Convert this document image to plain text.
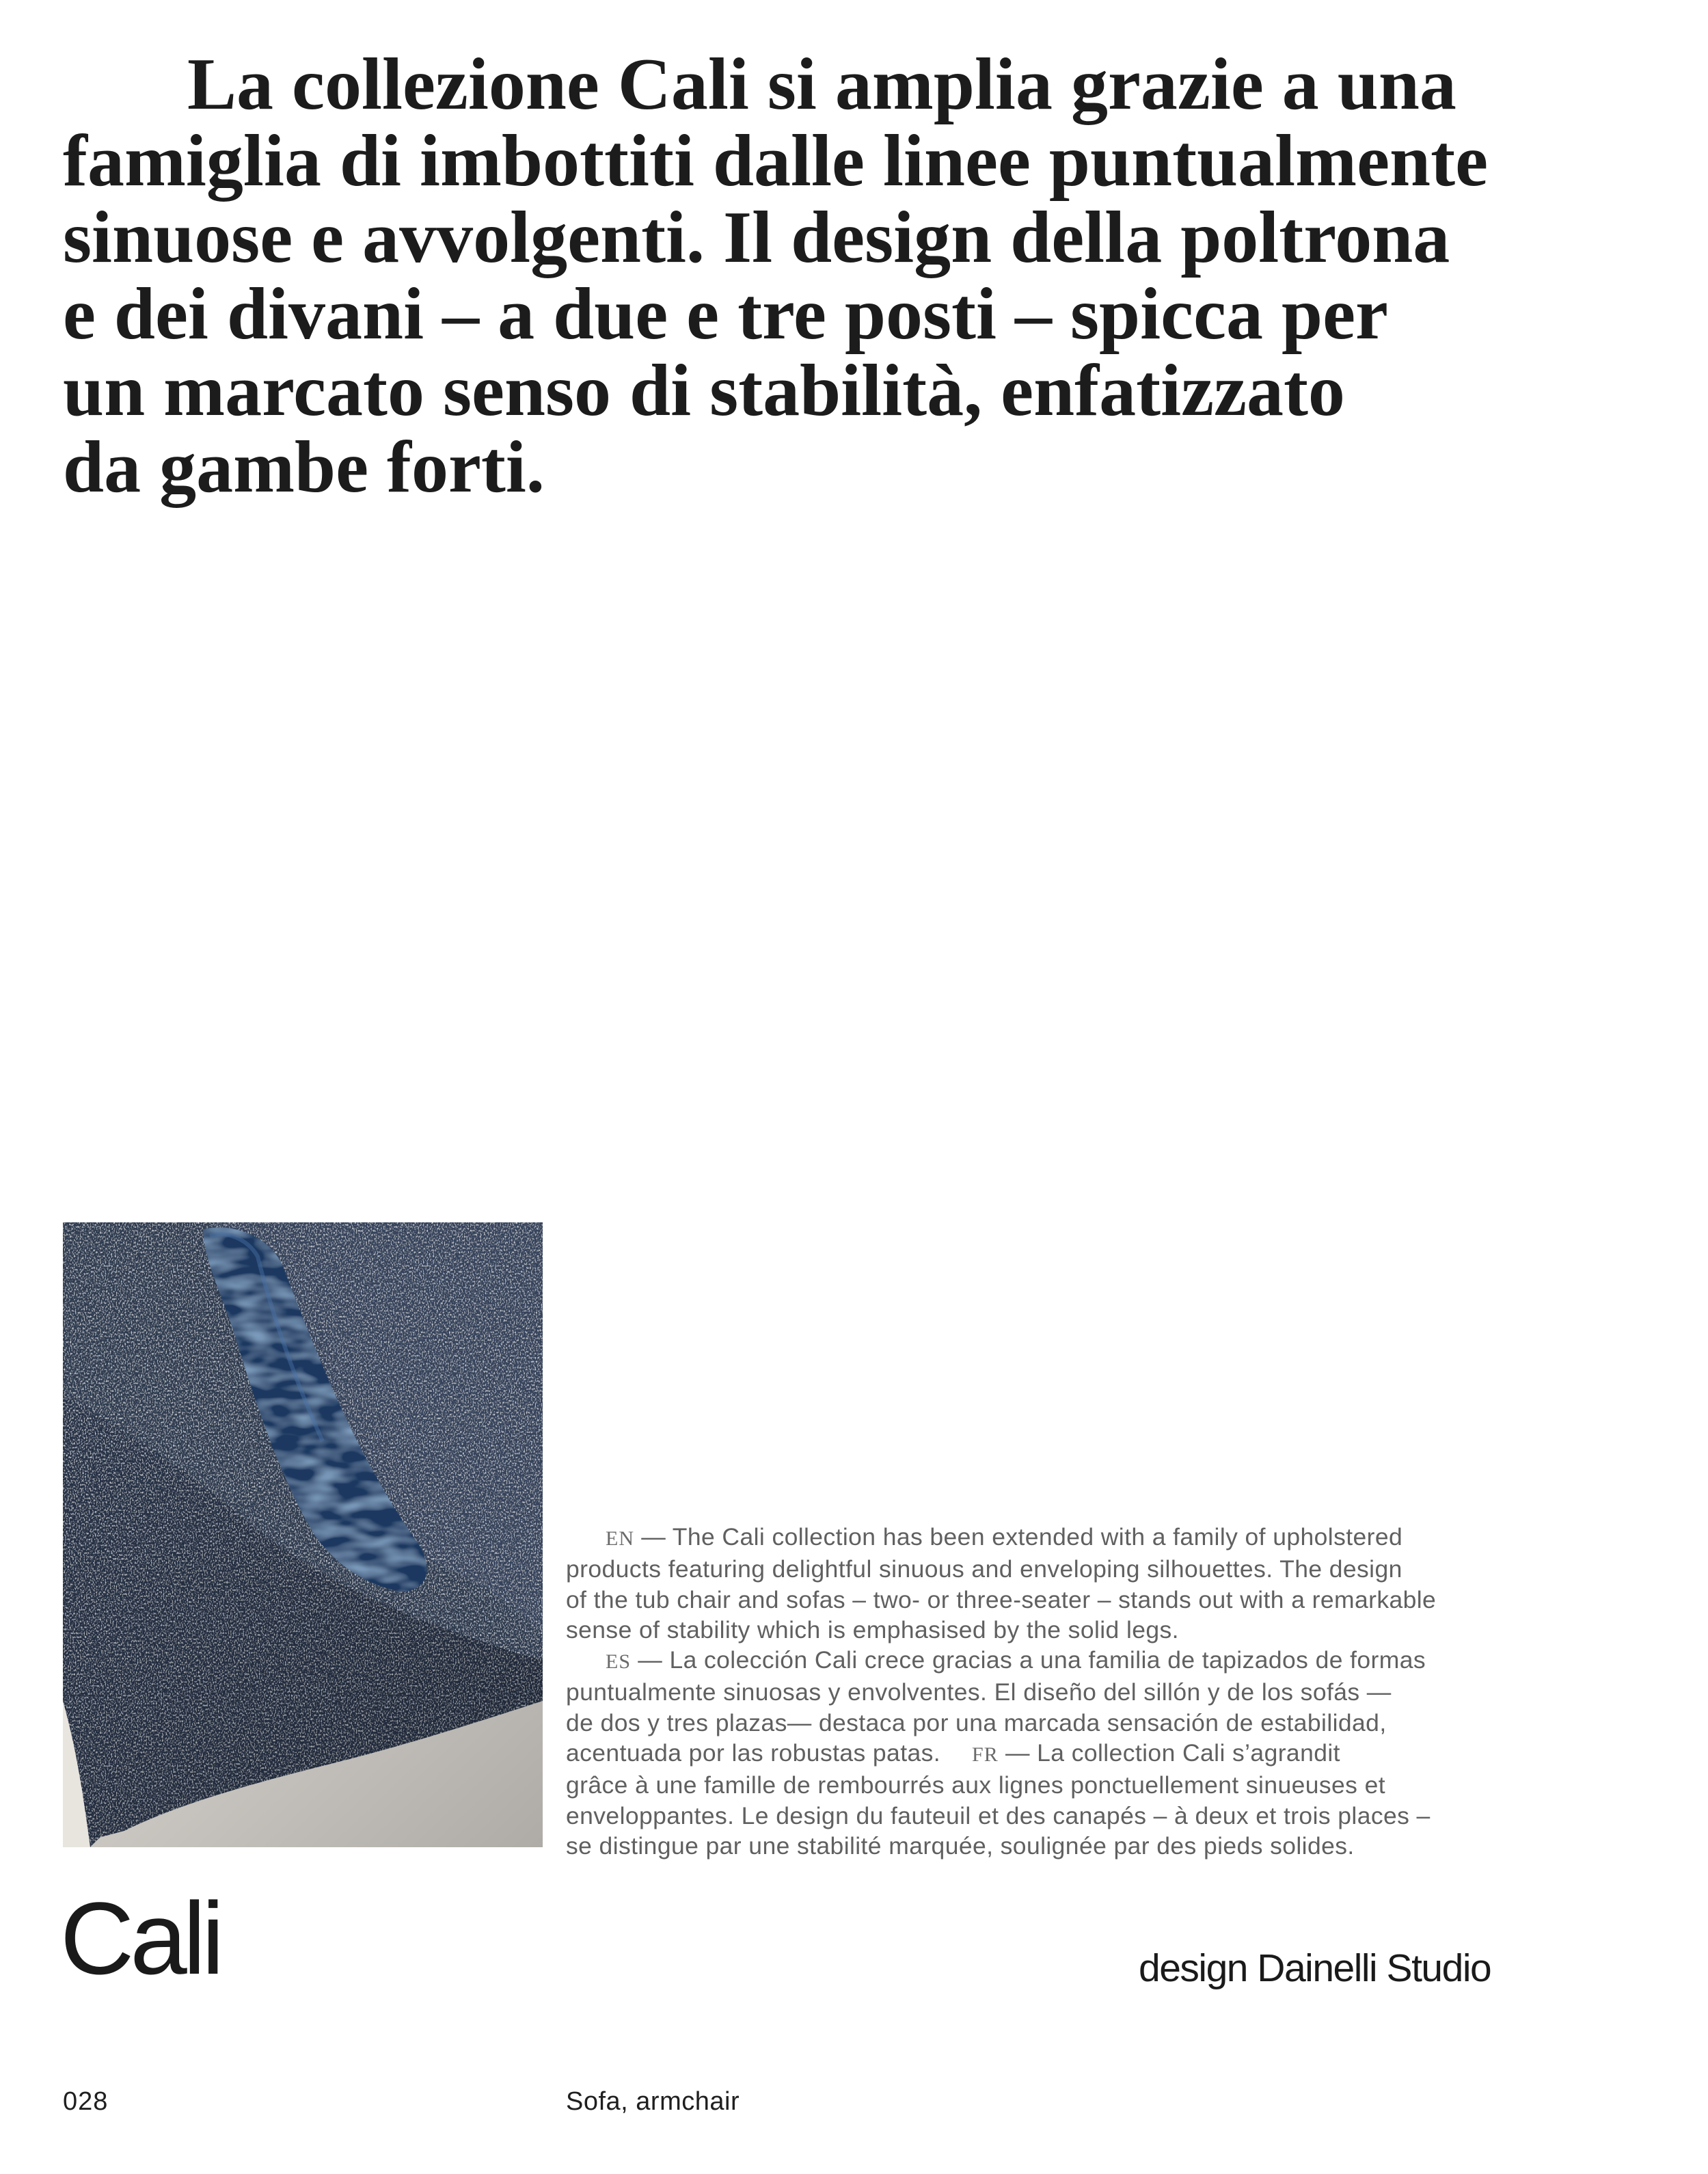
La collezione Cali si amplia grazie a una
famiglia di imbottiti dalle linee puntualmente
sinuose e avvolgenti. Il design della poltrona
e dei divani – a due e tre posti – spicca per
un marcato senso di stabilità, enfatizzato
da gambe forti.
EN — The Cali collection has been extended with a family of upholstered
products featuring delightful sinuous and enveloping silhouettes. The design
of the tub chair and sofas – two- or three-seater – stands out with a remarkable
sense of stability which is emphasised by the solid legs.
ES — La colección Cali crece gracias a una familia de tapizados de formas
puntualmente sinuosas y envolventes. El diseño del sillón y de los sofás —
de dos y tres plazas— destaca por una marcada sensación de estabilidad,
acentuada por las robustas patas. FR — La collection Cali s’agrandit
grâce à une famille de rembourrés aux lignes ponctuellement sinueuses et
enveloppantes. Le design du fauteuil et des canapés – à deux et trois places –
se distingue par une stabilité marquée, soulignée par des pieds solides.
Cali	design Dainelli Studio
028	Sofa, armchair
